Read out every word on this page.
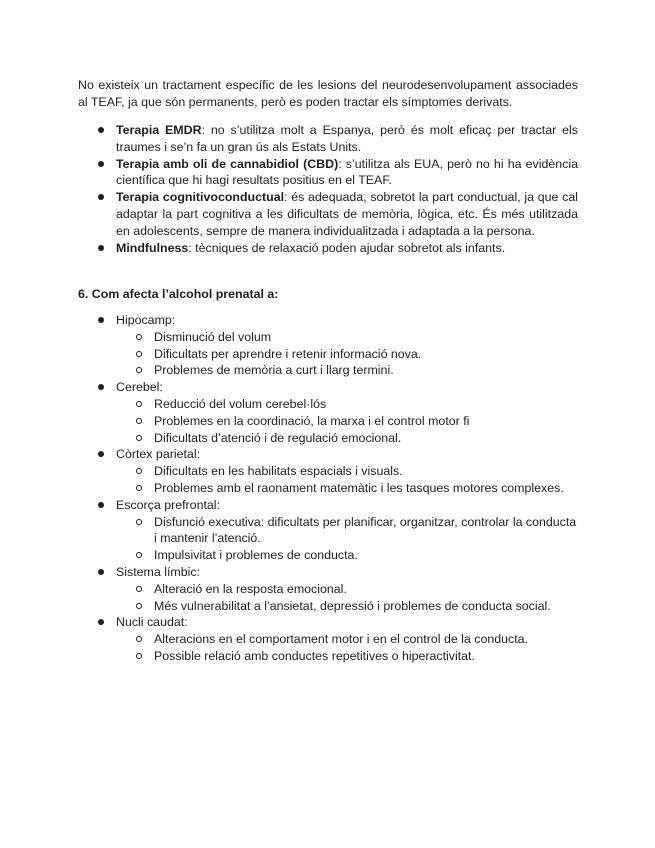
No existeix un tractament específic de les lesions del neurodesenvolupament associades al TEAF, ja que són permanents, però es poden tractar els símptomes derivats.

Terapia EMDR: no s’utilitza molt a Espanya, però és molt eficaç per tractar els traumes i se’n fa un gran ús als Estats Units.
Terapia amb oli de cannabidiol (CBD): s’utilitza als EUA, però no hi ha evidència científica que hi hagi resultats positius en el TEAF.
Terapia cognitivoconductual: és adequada, sobretot la part conductual, ja que cal adaptar la part cognitiva a les dificultats de memòria, lògica, etc. És més utilitzada en adolescents, sempre de manera individualitzada i adaptada a la persona.
Mindfulness: tècniques de relaxació poden ajudar sobretot als infants.

6. Com afecta l’alcohol prenatal a:

Hipocamp:
Disminució del volum
Dificultats per aprendre i retenir informació nova.
Problemes de memòria a curt i llarg termini.
Cerebel:
Reducció del volum cerebel·lós
Problemes en la coordinació, la marxa i el control motor fi
Dificultats d’atenció i de regulació emocional.
Còrtex parietal:
Dificultats en les habilitats espacials i visuals.
Problemes amb el raonament matemàtic i les tasques motores complexes.
Escorça prefrontal:
Disfunció executiva: dificultats per planificar, organitzar, controlar la conducta i mantenir l’atenció.
Impulsivitat i problemes de conducta.
Sistema límbic:
Alteració en la resposta emocional.
Més vulnerabilitat a l’ansietat, depressió i problemes de conducta social.
Nucli caudat:
Alteracions en el comportament motor i en el control de la conducta.
Possible relació amb conductes repetitives o hiperactivitat.
